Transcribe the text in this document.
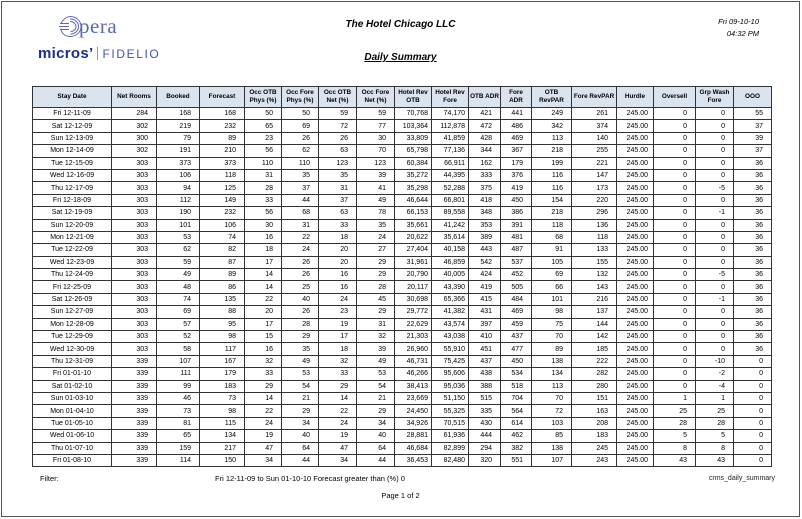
pera
micros’ FIDELIO
The Hotel Chicago LLC
Daily Summary
Fri 09-10-10
04:32 PM
Stay Date	Net Rooms	Booked	Forecast	Occ OTB Phys (%)	Occ Fore Phys (%)	Occ OTB Net (%)	Occ Fore Net (%)	Hotel Rev OTB	Hotel Rev Fore	OTB ADR	Fore ADR	OTB RevPAR	Fore RevPAR	Hurdle	Oversell	Grp Wash Fore	OOO
Fri 12-11-09	284	168	168	50	50	59	59	70,768	74,170	421	441	249	261	245.00	0	0	55
Sat 12-12-09	302	219	232	65	69	72	77	103,364	112,878	472	486	342	374	245.00	0	0	37
Sun 12-13-09	300	79	89	23	26	26	30	33,809	41,859	428	469	113	140	245.00	0	0	39
Mon 12-14-09	302	191	210	56	62	63	70	65,798	77,136	344	367	218	255	245.00	0	0	37
Tue 12-15-09	303	373	373	110	110	123	123	60,384	66,911	162	179	199	221	245.00	0	0	36
Wed 12-16-09	303	106	118	31	35	35	39	35,272	44,395	333	376	116	147	245.00	0	0	36
Thu 12-17-09	303	94	125	28	37	31	41	35,298	52,288	375	419	116	173	245.00	0	-5	36
Fri 12-18-09	303	112	149	33	44	37	49	46,644	66,801	418	450	154	220	245.00	0	0	36
Sat 12-19-09	303	190	232	56	68	63	78	66,153	89,558	348	386	218	296	245.00	0	-1	36
Sun 12-20-09	303	101	106	30	31	33	35	35,661	41,242	353	391	118	136	245.00	0	0	36
Mon 12-21-09	303	53	74	16	22	18	24	20,622	35,614	389	481	68	118	245.00	0	0	36
Tue 12-22-09	303	62	82	18	24	20	27	27,404	40,158	443	487	91	133	245.00	0	0	36
Wed 12-23-09	303	59	87	17	26	20	29	31,961	46,859	542	537	105	155	245.00	0	0	36
Thu 12-24-09	303	49	89	14	26	16	29	20,790	40,005	424	452	69	132	245.00	0	-5	36
Fri 12-25-09	303	48	86	14	25	16	28	20,117	43,390	419	505	66	143	245.00	0	0	36
Sat 12-26-09	303	74	135	22	40	24	45	30,698	65,366	415	484	101	216	245.00	0	-1	36
Sun 12-27-09	303	69	88	20	26	23	29	29,772	41,382	431	469	98	137	245.00	0	0	36
Mon 12-28-09	303	57	95	17	28	19	31	22,629	43,574	397	459	75	144	245.00	0	0	36
Tue 12-29-09	303	52	98	15	29	17	32	21,303	43,038	410	437	70	142	245.00	0	0	36
Wed 12-30-09	303	58	117	16	35	18	39	26,960	55,910	451	477	89	185	245.00	0	0	36
Thu 12-31-09	339	107	167	32	49	32	49	46,731	75,425	437	450	138	222	245.00	0	-10	0
Fri 01-01-10	339	111	179	33	53	33	53	46,266	95,606	438	534	134	282	245.00	0	-2	0
Sat 01-02-10	339	99	183	29	54	29	54	38,413	95,036	388	518	113	280	245.00	0	-4	0
Sun 01-03-10	339	46	73	14	21	14	21	23,669	51,150	515	704	70	151	245.00	1	1	0
Mon 01-04-10	339	73	98	22	29	22	29	24,450	55,325	335	564	72	163	245.00	25	25	0
Tue 01-05-10	339	81	115	24	34	24	34	34,926	70,515	430	614	103	208	245.00	28	28	0
Wed 01-06-10	339	65	134	19	40	19	40	28,881	61,936	444	462	85	183	245.00	5	5	0
Thu 01-07-10	339	159	217	47	64	47	64	46,684	82,899	294	382	138	245	245.00	8	8	0
Fri 01-08-10	339	114	150	34	44	34	44	36,453	82,480	320	551	107	243	245.00	43	43	0
Filter:	Fri 12-11-09 to Sun 01-10-10 Forecast greater than (%) 0
Page 1 of 2
crms_daily_summary
